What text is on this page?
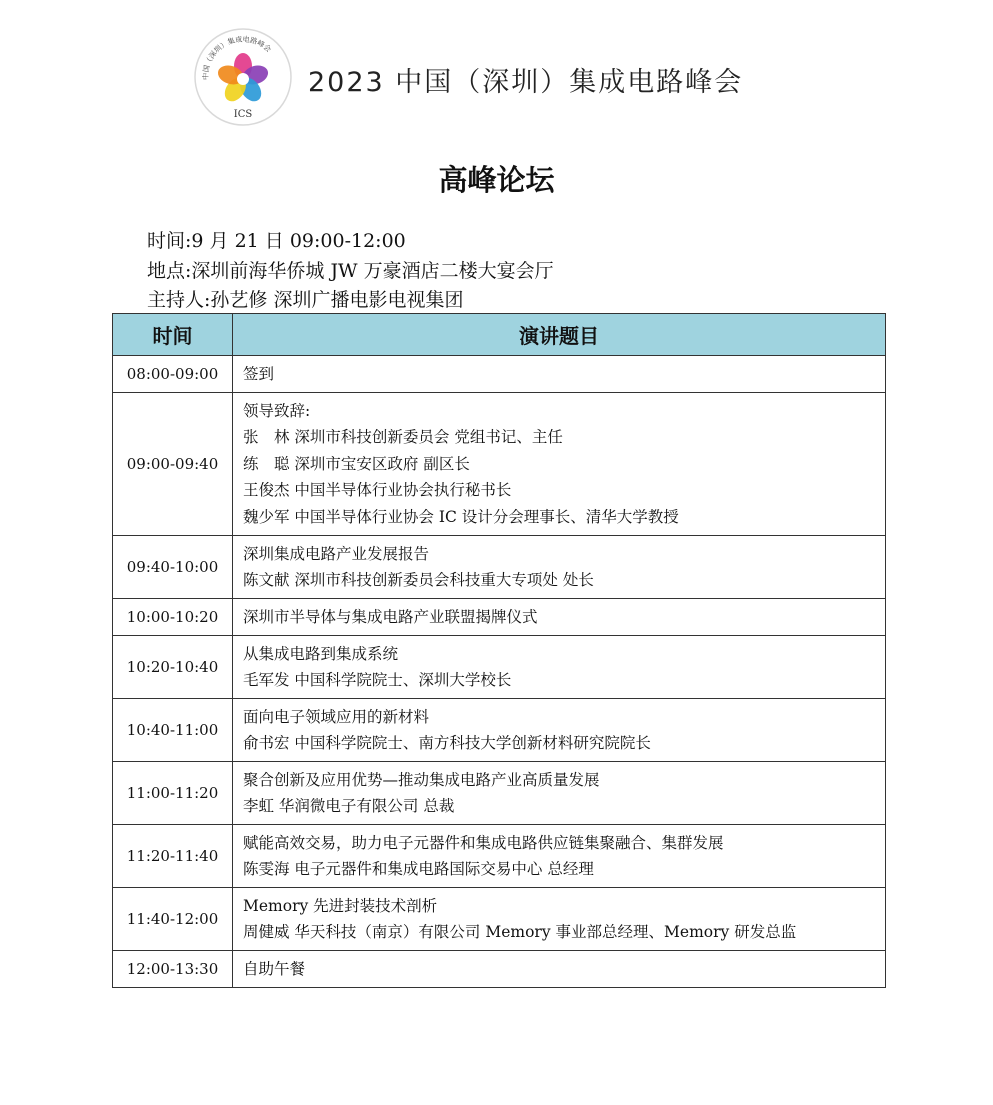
中国（深圳）集成电路峰会
ICS
2023 中国（深圳）集成电路峰会
高峰论坛
时间:9 月 21 日 09:00-12:00
地点:深圳前海华侨城 JW 万豪酒店二楼大宴会厅
主持人:孙艺修 深圳广播电影电视集团
时间	演讲题目
08:00-09:00	签到

09:00-09:40	领导致辞:
张　林 深圳市科技创新委员会 党组书记、主任
练　聪 深圳市宝安区政府 副区长
王俊杰 中国半导体行业协会执行秘书长
魏少军 中国半导体行业协会 IC 设计分会理事长、清华大学教授

09:40-10:00	深圳集成电路产业发展报告
陈文献 深圳市科技创新委员会科技重大专项处 处长

10:00-10:20	深圳市半导体与集成电路产业联盟揭牌仪式

10:20-10:40	从集成电路到集成系统
毛军发 中国科学院院士、深圳大学校长

10:40-11:00	面向电子领域应用的新材料
俞书宏 中国科学院院士、南方科技大学创新材料研究院院长

11:00-11:20	聚合创新及应用优势—推动集成电路产业高质量发展
李虹 华润微电子有限公司 总裁

11:20-11:40	赋能高效交易，助力电子元器件和集成电路供应链集聚融合、集群发展
陈雯海 电子元器件和集成电路国际交易中心 总经理

11:40-12:00	Memory 先进封装技术剖析
周健威 华天科技（南京）有限公司 Memory 事业部总经理、Memory 研发总监

12:00-13:30	自助午餐
